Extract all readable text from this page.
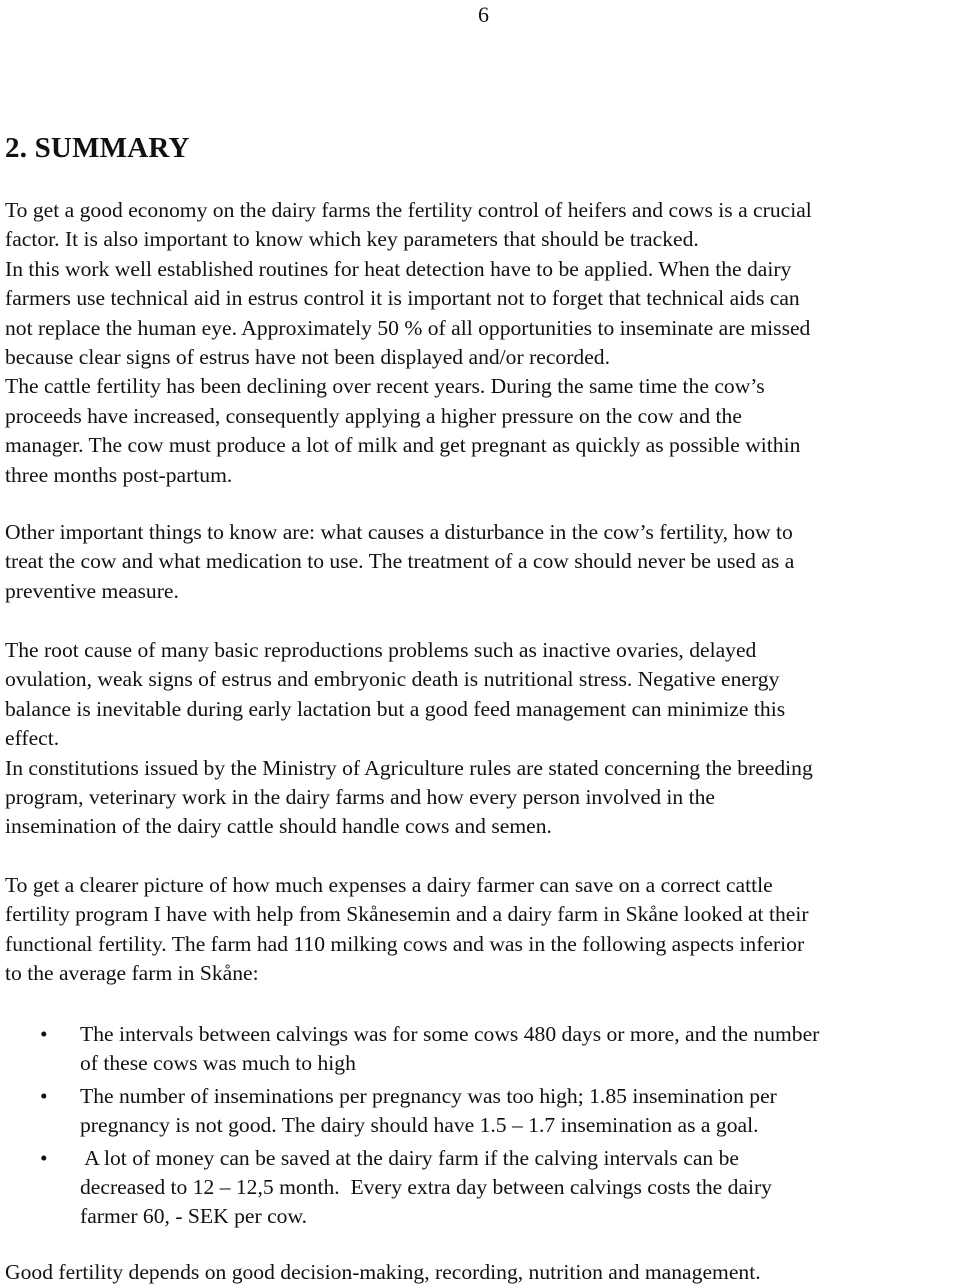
6
2. SUMMARY
To get a good economy on the dairy farms the fertility control of heifers and cows is a crucial
factor. It is also important to know which key parameters that should be tracked.
In this work well established routines for heat detection have to be applied. When the dairy
farmers use technical aid in estrus control it is important not to forget that technical aids can
not replace the human eye. Approximately 50 % of all opportunities to inseminate are missed
because clear signs of estrus have not been displayed and/or recorded.
The cattle fertility has been declining over recent years. During the same time the cow’s
proceeds have increased, consequently applying a higher pressure on the cow and the
manager. The cow must produce a lot of milk and get pregnant as quickly as possible within
three months post-partum.
Other important things to know are: what causes a disturbance in the cow’s fertility, how to
treat the cow and what medication to use. The treatment of a cow should never be used as a
preventive measure.
The root cause of many basic reproductions problems such as inactive ovaries, delayed
ovulation, weak signs of estrus and embryonic death is nutritional stress. Negative energy
balance is inevitable during early lactation but a good feed management can minimize this
effect.
In constitutions issued by the Ministry of Agriculture rules are stated concerning the breeding
program, veterinary work in the dairy farms and how every person involved in the
insemination of the dairy cattle should handle cows and semen.
To get a clearer picture of how much expenses a dairy farmer can save on a correct cattle
fertility program I have with help from Skånesemin and a dairy farm in Skåne looked at their
functional fertility. The farm had 110 milking cows and was in the following aspects inferior
to the average farm in Skåne:
• The intervals between calvings was for some cows 480 days or more, and the number
of these cows was much to high
• The number of inseminations per pregnancy was too high; 1.85 insemination per
pregnancy is not good. The dairy should have 1.5 – 1.7 insemination as a goal.
• A lot of money can be saved at the dairy farm if the calving intervals can be
decreased to 12 – 12,5 month.  Every extra day between calvings costs the dairy
farmer 60, - SEK per cow.
Good fertility depends on good decision-making, recording, nutrition and management.
